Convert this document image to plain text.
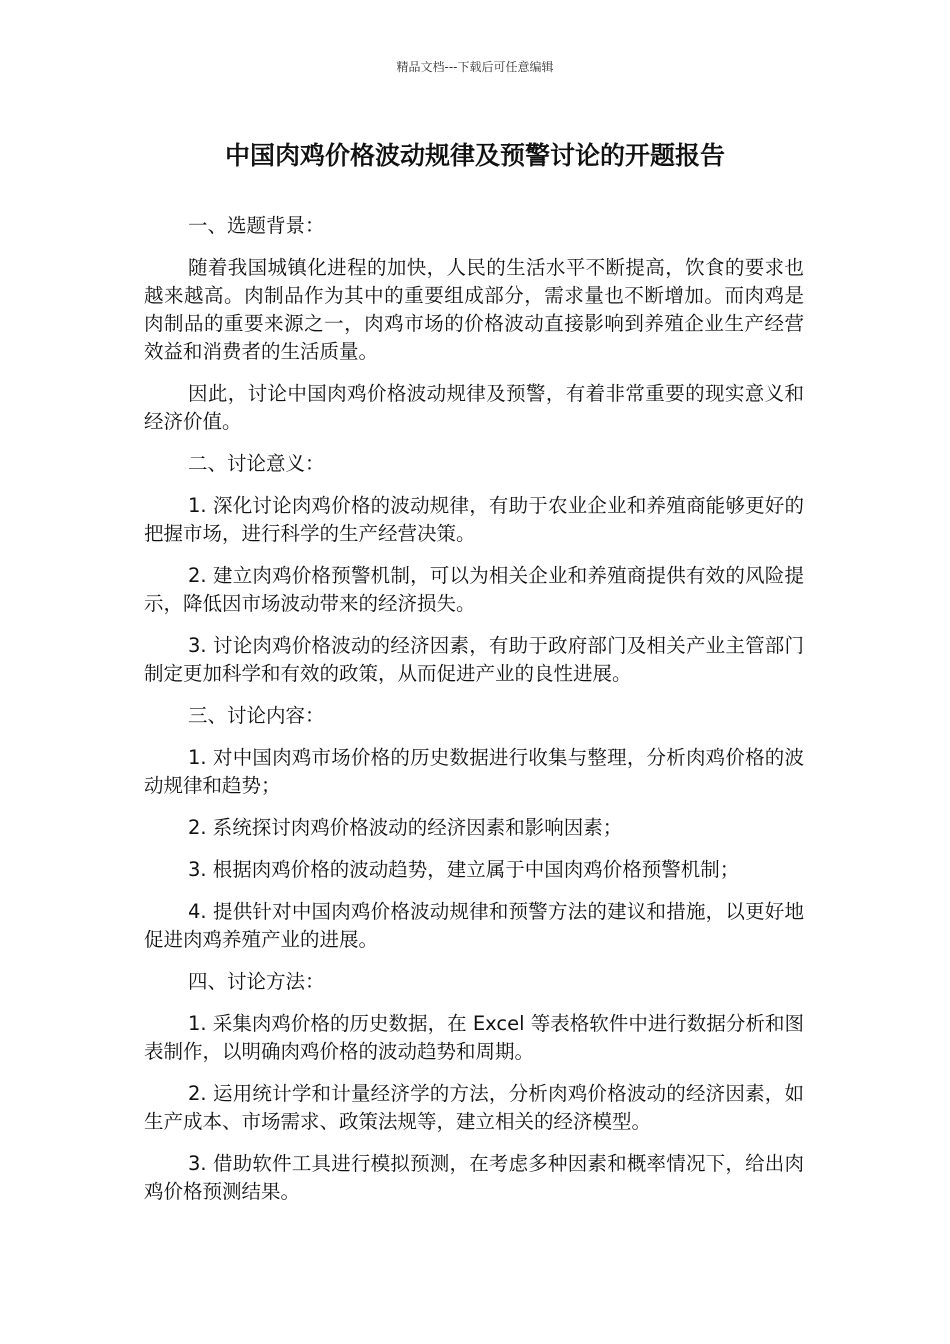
精品文档---下载后可任意编辑
中国肉鸡价格波动规律及预警讨论的开题报告

一、选题背景：

随着我国城镇化进程的加快，人民的生活水平不断提高，饮食的要求也越来越高。肉制品作为其中的重要组成部分，需求量也不断增加。而肉鸡是肉制品的重要来源之一，肉鸡市场的价格波动直接影响到养殖企业生产经营效益和消费者的生活质量。

因此，讨论中国肉鸡价格波动规律及预警，有着非常重要的现实意义和经济价值。

二、讨论意义：

1. 深化讨论肉鸡价格的波动规律，有助于农业企业和养殖商能够更好的把握市场，进行科学的生产经营决策。

2. 建立肉鸡价格预警机制，可以为相关企业和养殖商提供有效的风险提示，降低因市场波动带来的经济损失。

3. 讨论肉鸡价格波动的经济因素，有助于政府部门及相关产业主管部门制定更加科学和有效的政策，从而促进产业的良性进展。

三、讨论内容：

1. 对中国肉鸡市场价格的历史数据进行收集与整理，分析肉鸡价格的波动规律和趋势；

2. 系统探讨肉鸡价格波动的经济因素和影响因素；

3. 根据肉鸡价格的波动趋势，建立属于中国肉鸡价格预警机制；

4. 提供针对中国肉鸡价格波动规律和预警方法的建议和措施，以更好地促进肉鸡养殖产业的进展。

四、讨论方法：

1. 采集肉鸡价格的历史数据，在 Excel 等表格软件中进行数据分析和图表制作，以明确肉鸡价格的波动趋势和周期。

2. 运用统计学和计量经济学的方法，分析肉鸡价格波动的经济因素，如生产成本、市场需求、政策法规等，建立相关的经济模型。

3. 借助软件工具进行模拟预测，在考虑多种因素和概率情况下，给出肉鸡价格预测结果。
